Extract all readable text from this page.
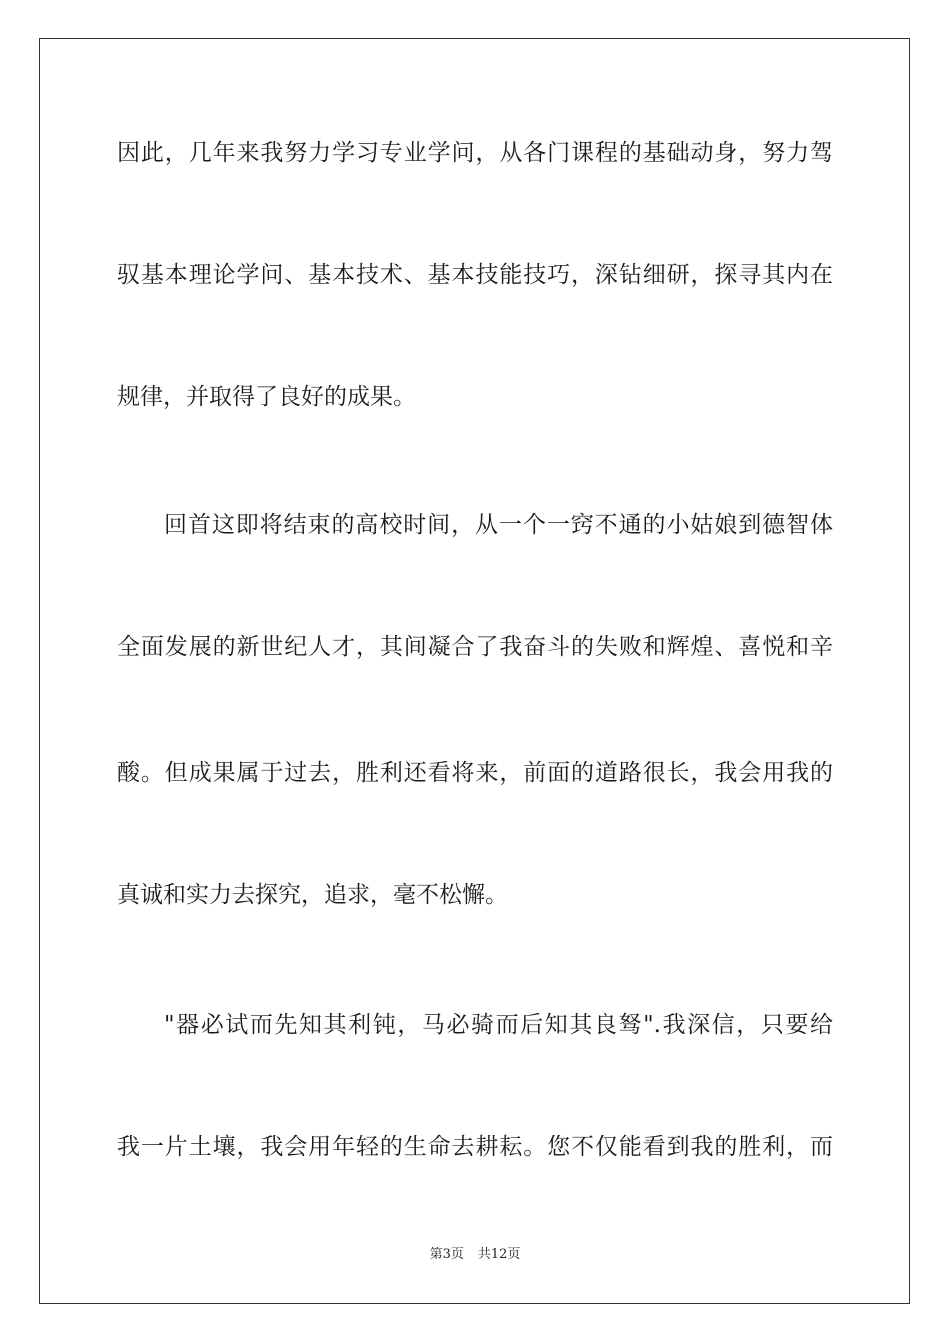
因此，几年来我努力学习专业学问，从各门课程的基础动身，努力驾
驭基本理论学问、基本技术、基本技能技巧，深钻细研，探寻其内在
规律，并取得了良好的成果。
回首这即将结束的高校时间，从一个一窍不通的小姑娘到德智体
全面发展的新世纪人才，其间凝合了我奋斗的失败和辉煌、喜悦和辛
酸。但成果属于过去，胜利还看将来，前面的道路很长，我会用我的
真诚和实力去探究，追求，毫不松懈。
"器必试而先知其利钝，马必骑而后知其良驽".我深信，只要给
我一片土壤，我会用年轻的生命去耕耘。您不仅能看到我的胜利，而
第3页 共12页
